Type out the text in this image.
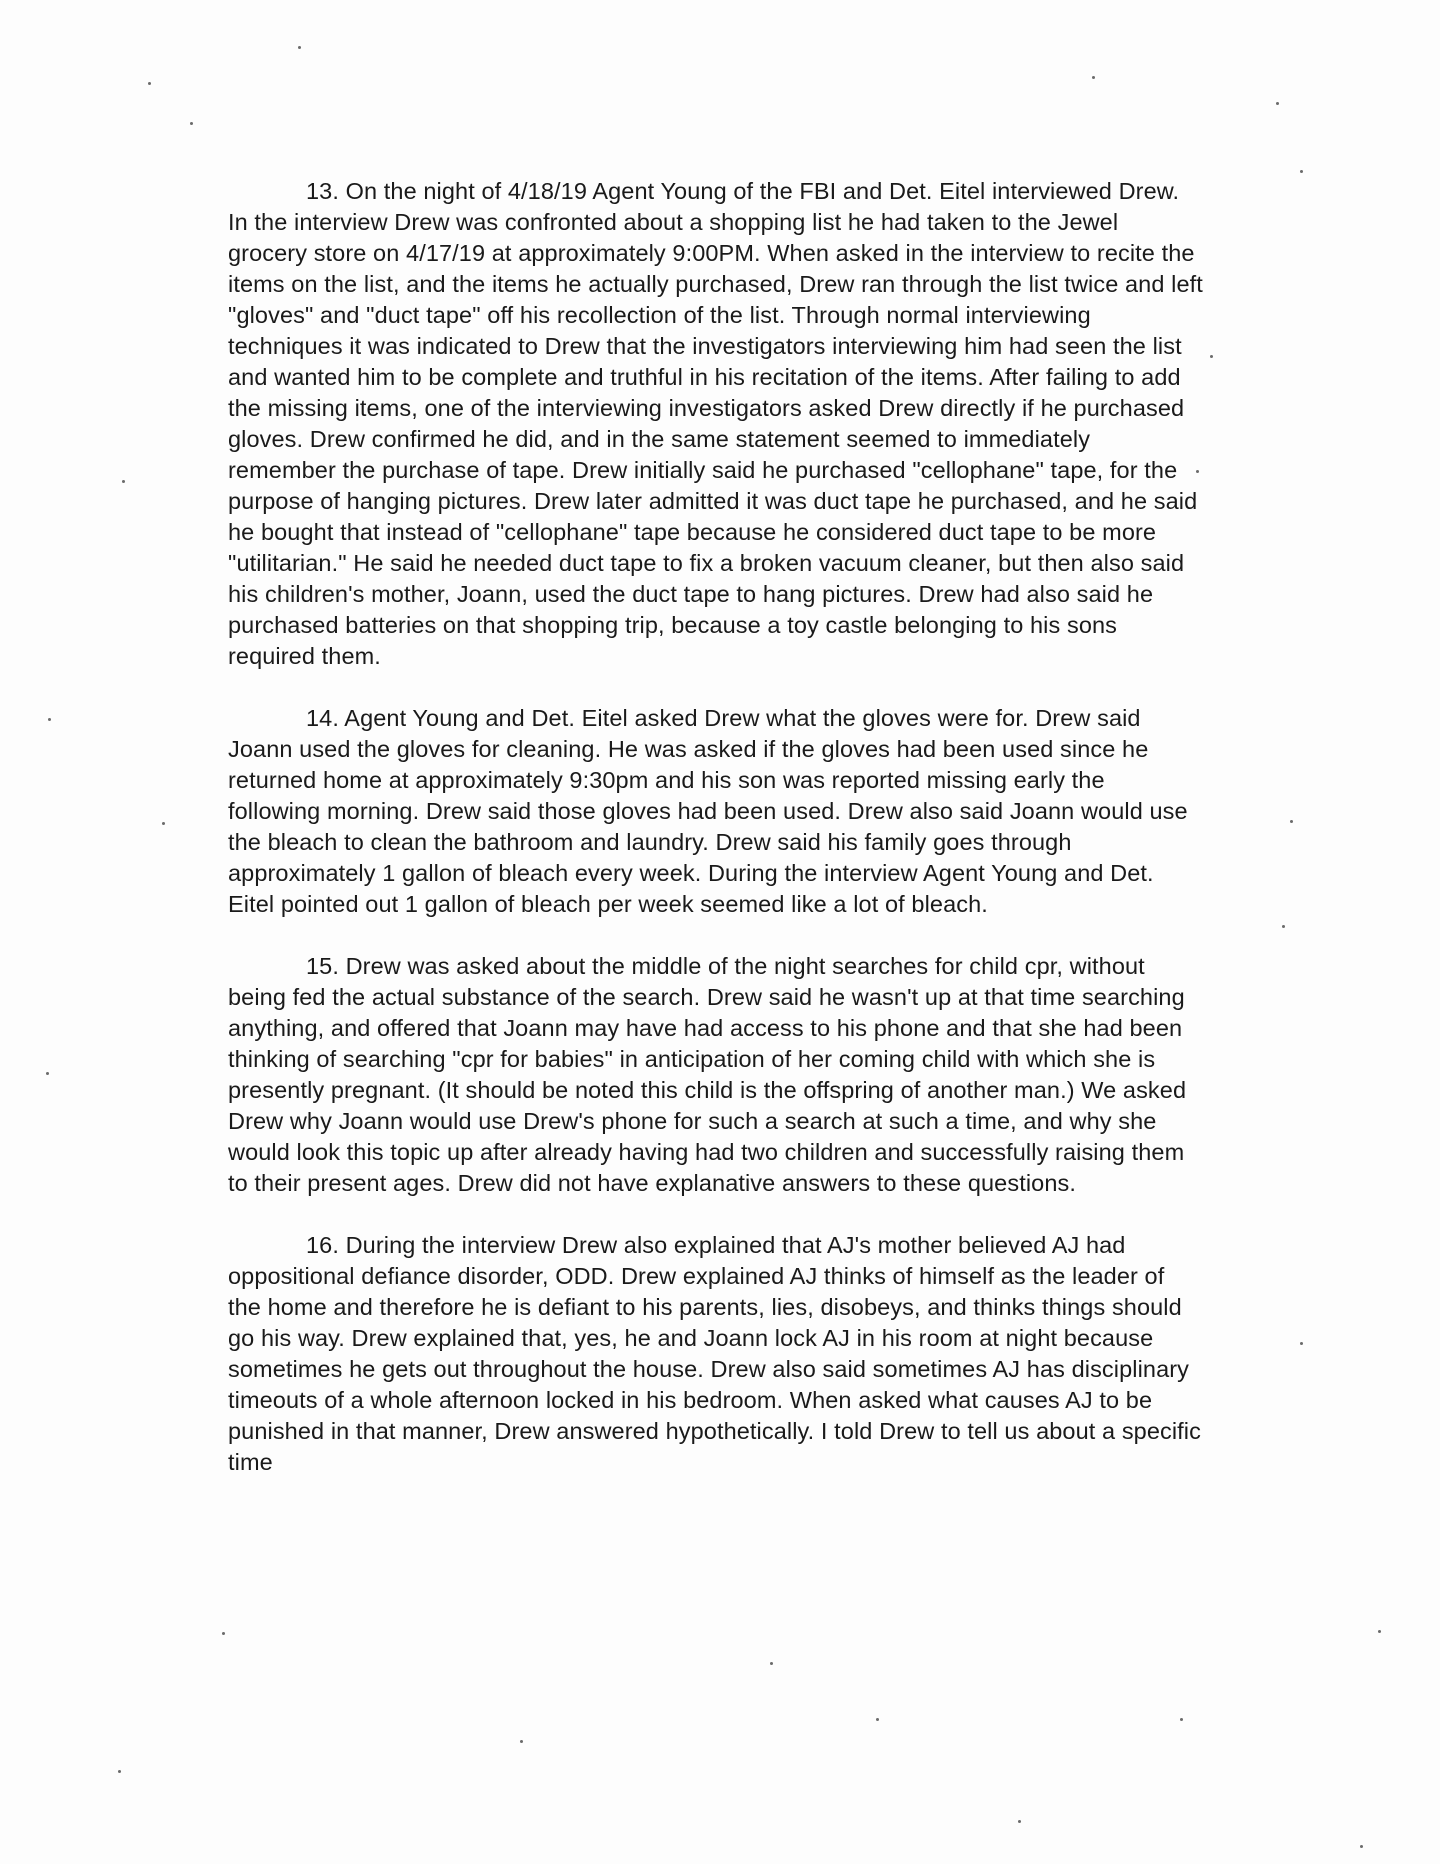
13. On the night of 4/18/19 Agent Young of the FBI and Det. Eitel interviewed Drew. In the interview Drew was confronted about a shopping list he had taken to the Jewel grocery store on 4/17/19 at approximately 9:00PM. When asked in the interview to recite the items on the list, and the items he actually purchased, Drew ran through the list twice and left "gloves" and "duct tape" off his recollection of the list. Through normal interviewing techniques it was indicated to Drew that the investigators interviewing him had seen the list and wanted him to be complete and truthful in his recitation of the items. After failing to add the missing items, one of the interviewing investigators asked Drew directly if he purchased gloves. Drew confirmed he did, and in the same statement seemed to immediately remember the purchase of tape. Drew initially said he purchased "cellophane" tape, for the purpose of hanging pictures. Drew later admitted it was duct tape he purchased, and he said he bought that instead of "cellophane" tape because he considered duct tape to be more "utilitarian." He said he needed duct tape to fix a broken vacuum cleaner, but then also said his children's mother, Joann, used the duct tape to hang pictures. Drew had also said he purchased batteries on that shopping trip, because a toy castle belonging to his sons required them.

14. Agent Young and Det. Eitel asked Drew what the gloves were for. Drew said Joann used the gloves for cleaning. He was asked if the gloves had been used since he returned home at approximately 9:30pm and his son was reported missing early the following morning. Drew said those gloves had been used. Drew also said Joann would use the bleach to clean the bathroom and laundry. Drew said his family goes through approximately 1 gallon of bleach every week. During the interview Agent Young and Det. Eitel pointed out 1 gallon of bleach per week seemed like a lot of bleach.

15. Drew was asked about the middle of the night searches for child cpr, without being fed the actual substance of the search. Drew said he wasn't up at that time searching anything, and offered that Joann may have had access to his phone and that she had been thinking of searching "cpr for babies" in anticipation of her coming child with which she is presently pregnant. (It should be noted this child is the offspring of another man.) We asked Drew why Joann would use Drew's phone for such a search at such a time, and why she would look this topic up after already having had two children and successfully raising them to their present ages. Drew did not have explanative answers to these questions.

16. During the interview Drew also explained that AJ's mother believed AJ had oppositional defiance disorder, ODD. Drew explained AJ thinks of himself as the leader of the home and therefore he is defiant to his parents, lies, disobeys, and thinks things should go his way. Drew explained that, yes, he and Joann lock AJ in his room at night because sometimes he gets out throughout the house. Drew also said sometimes AJ has disciplinary timeouts of a whole afternoon locked in his bedroom. When asked what causes AJ to be punished in that manner, Drew answered hypothetically. I told Drew to tell us about a specific time
